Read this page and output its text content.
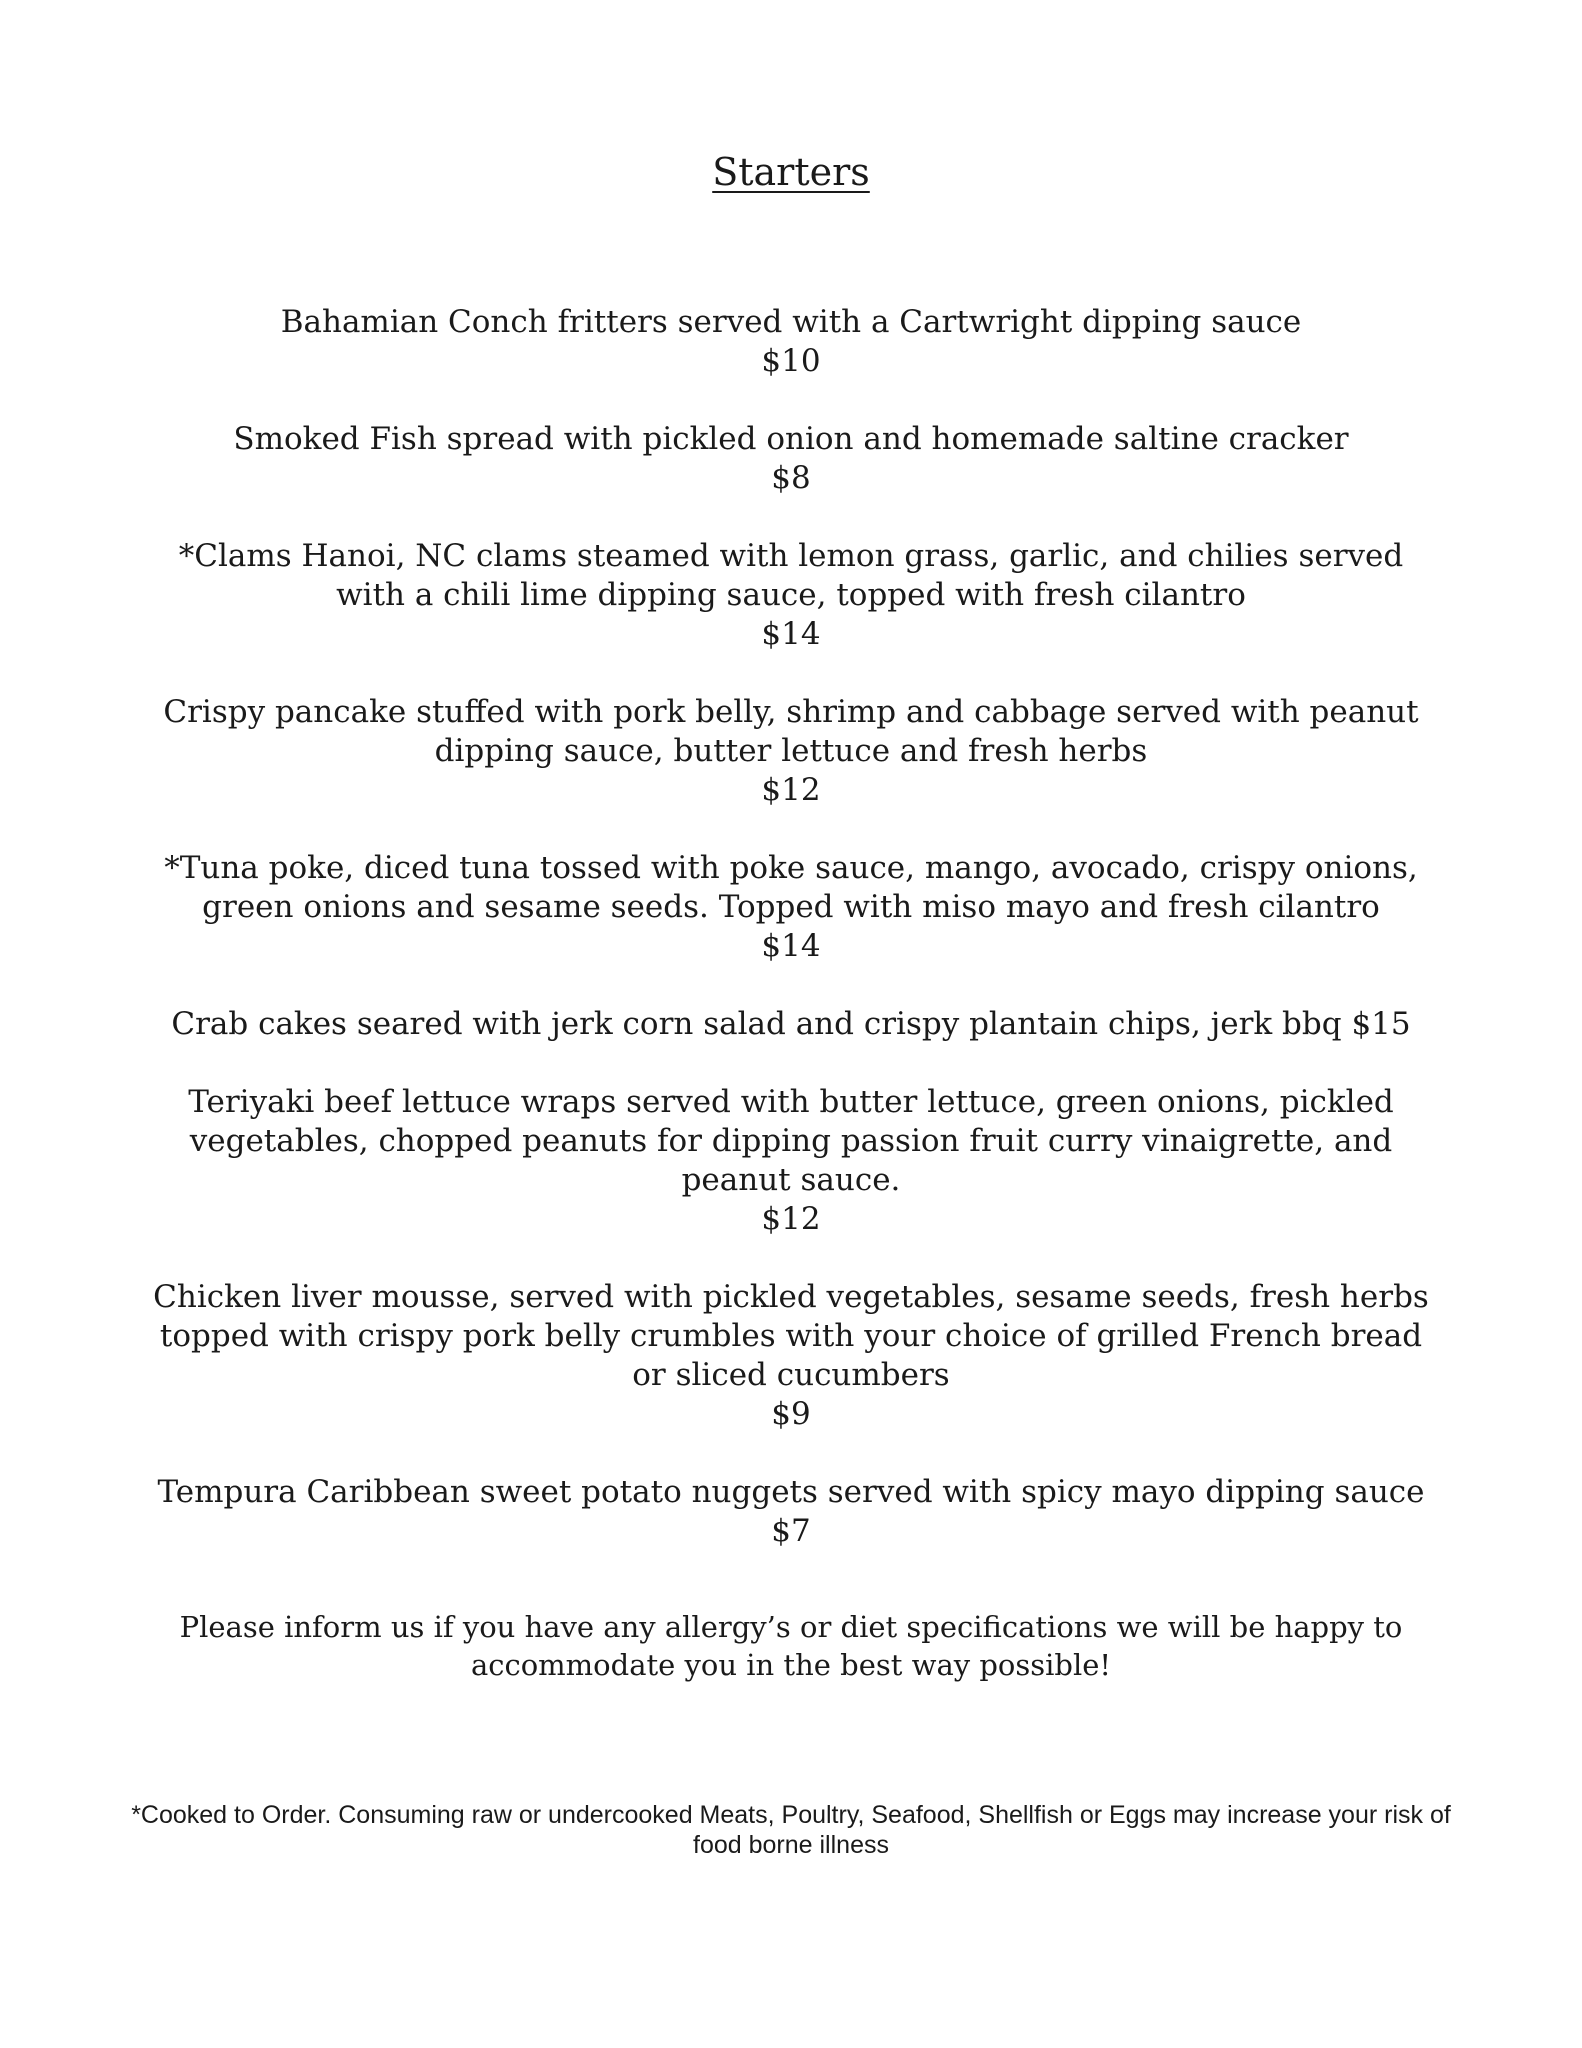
Starters
Bahamian Conch fritters served with a Cartwright dipping sauce
$10
Smoked Fish spread with pickled onion and homemade saltine cracker
$8
*Clams Hanoi, NC clams steamed with lemon grass, garlic, and chilies served with a chili lime dipping sauce, topped with fresh cilantro
$14
Crispy pancake stuffed with pork belly, shrimp and cabbage served with peanut dipping sauce, butter lettuce and fresh herbs
$12
*Tuna poke, diced tuna tossed with poke sauce, mango, avocado, crispy onions, green onions and sesame seeds. Topped with miso mayo and fresh cilantro
$14
Crab cakes seared with jerk corn salad and crispy plantain chips, jerk bbq $15
Teriyaki beef lettuce wraps served with butter lettuce, green onions, pickled vegetables, chopped peanuts for dipping passion fruit curry vinaigrette, and peanut sauce.
$12
Chicken liver mousse, served with pickled vegetables, sesame seeds, fresh herbs topped with crispy pork belly crumbles with your choice of grilled French bread or sliced cucumbers
$9
Tempura Caribbean sweet potato nuggets served with spicy mayo dipping sauce
$7
Please inform us if you have any allergy’s or diet specifications we will be happy to accommodate you in the best way possible!
*Cooked to Order. Consuming raw or undercooked Meats, Poultry, Seafood, Shellfish or Eggs may increase your risk of food borne illness
